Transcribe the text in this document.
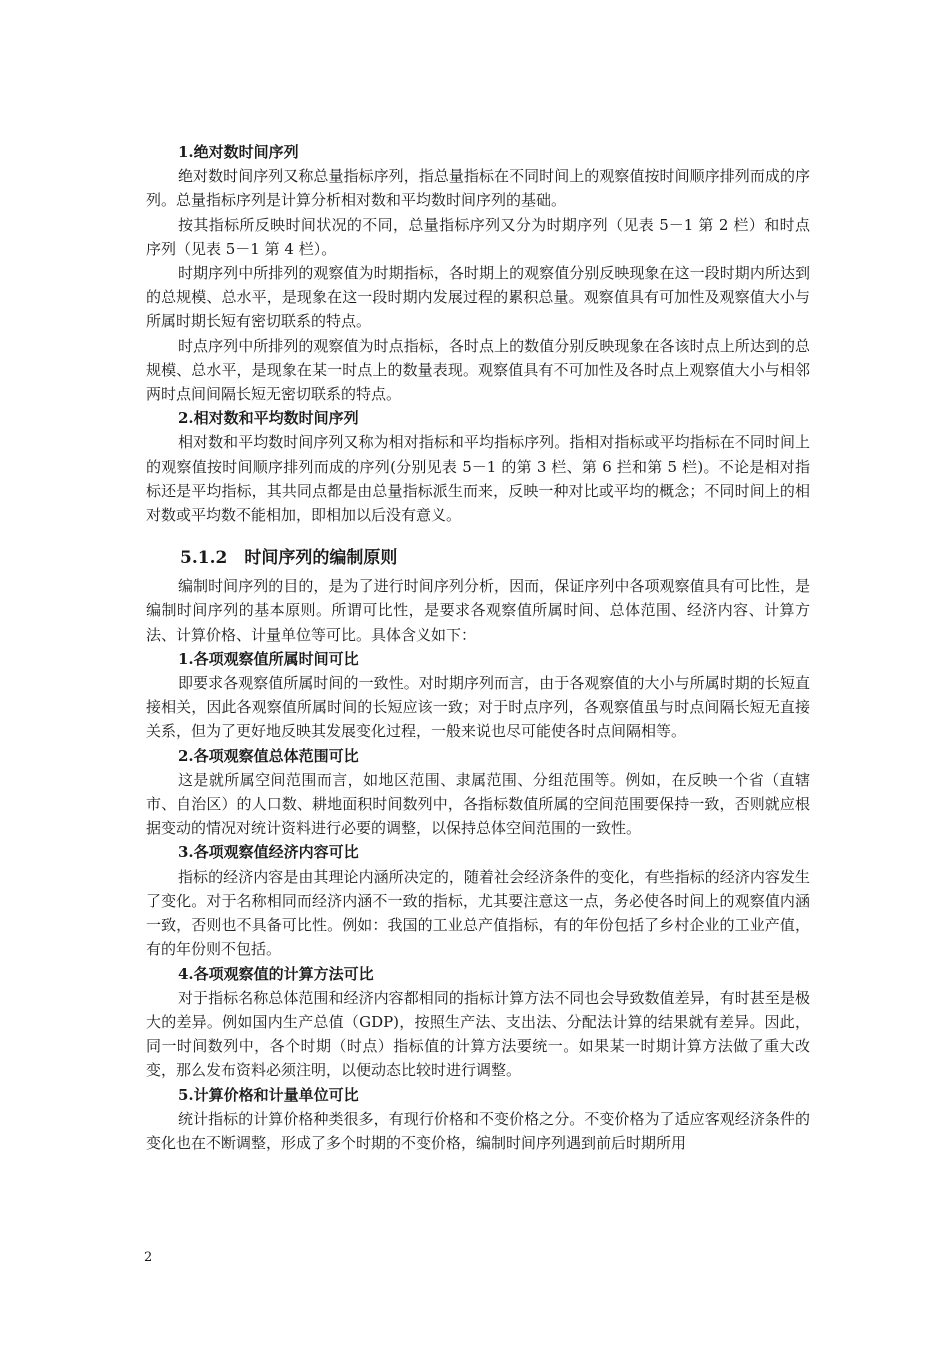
1.绝对数时间序列
绝对数时间序列又称总量指标序列，指总量指标在不同时间上的观察值按时间顺序排列而成的序列。总量指标序列是计算分析相对数和平均数时间序列的基础。
按其指标所反映时间状况的不同，总量指标序列又分为时期序列（见表 5－1 第 2 栏）和时点序列（见表 5－1 第 4 栏）。
时期序列中所排列的观察值为时期指标，各时期上的观察值分别反映现象在这一段时期内所达到的总规模、总水平，是现象在这一段时期内发展过程的累积总量。观察值具有可加性及观察值大小与所属时期长短有密切联系的特点。
时点序列中所排列的观察值为时点指标，各时点上的数值分别反映现象在各该时点上所达到的总规模、总水平，是现象在某一时点上的数量表现。观察值具有不可加性及各时点上观察值大小与相邻两时点间间隔长短无密切联系的特点。
2.相对数和平均数时间序列
相对数和平均数时间序列又称为相对指标和平均指标序列。指相对指标或平均指标在不同时间上的观察值按时间顺序排列而成的序列(分别见表 5－1 的第 3 栏、第 6 拦和第 5 栏)。不论是相对指标还是平均指标，其共同点都是由总量指标派生而来，反映一种对比或平均的概念；不同时间上的相对数或平均数不能相加，即相加以后没有意义。
5.1.2　时间序列的编制原则
编制时间序列的目的，是为了进行时间序列分析，因而，保证序列中各项观察值具有可比性，是编制时间序列的基本原则。所谓可比性，是要求各观察值所属时间、总体范围、经济内容、计算方法、计算价格、计量单位等可比。具体含义如下：
1.各项观察值所属时间可比
即要求各观察值所属时间的一致性。对时期序列而言，由于各观察值的大小与所属时期的长短直接相关，因此各观察值所属时间的长短应该一致；对于时点序列，各观察值虽与时点间隔长短无直接关系，但为了更好地反映其发展变化过程，一般来说也尽可能使各时点间隔相等。
2.各项观察值总体范围可比
这是就所属空间范围而言，如地区范围、隶属范围、分组范围等。例如，在反映一个省（直辖市、自治区）的人口数、耕地面积时间数列中，各指标数值所属的空间范围要保持一致，否则就应根据变动的情况对统计资料进行必要的调整，以保持总体空间范围的一致性。
3.各项观察值经济内容可比
指标的经济内容是由其理论内涵所决定的，随着社会经济条件的变化，有些指标的经济内容发生了变化。对于名称相同而经济内涵不一致的指标，尤其要注意这一点，务必使各时间上的观察值内涵一致，否则也不具备可比性。例如：我国的工业总产值指标，有的年份包括了乡村企业的工业产值，有的年份则不包括。
4.各项观察值的计算方法可比
对于指标名称总体范围和经济内容都相同的指标计算方法不同也会导致数值差异，有时甚至是极大的差异。例如国内生产总值（GDP)，按照生产法、支出法、分配法计算的结果就有差异。因此，同一时间数列中，各个时期（时点）指标值的计算方法要统一。如果某一时期计算方法做了重大改变，那么发布资料必须注明，以便动态比较时进行调整。
5.计算价格和计量单位可比
统计指标的计算价格种类很多，有现行价格和不变价格之分。不变价格为了适应客观经济条件的变化也在不断调整，形成了多个时期的不变价格，编制时间序列遇到前后时期所用
2
